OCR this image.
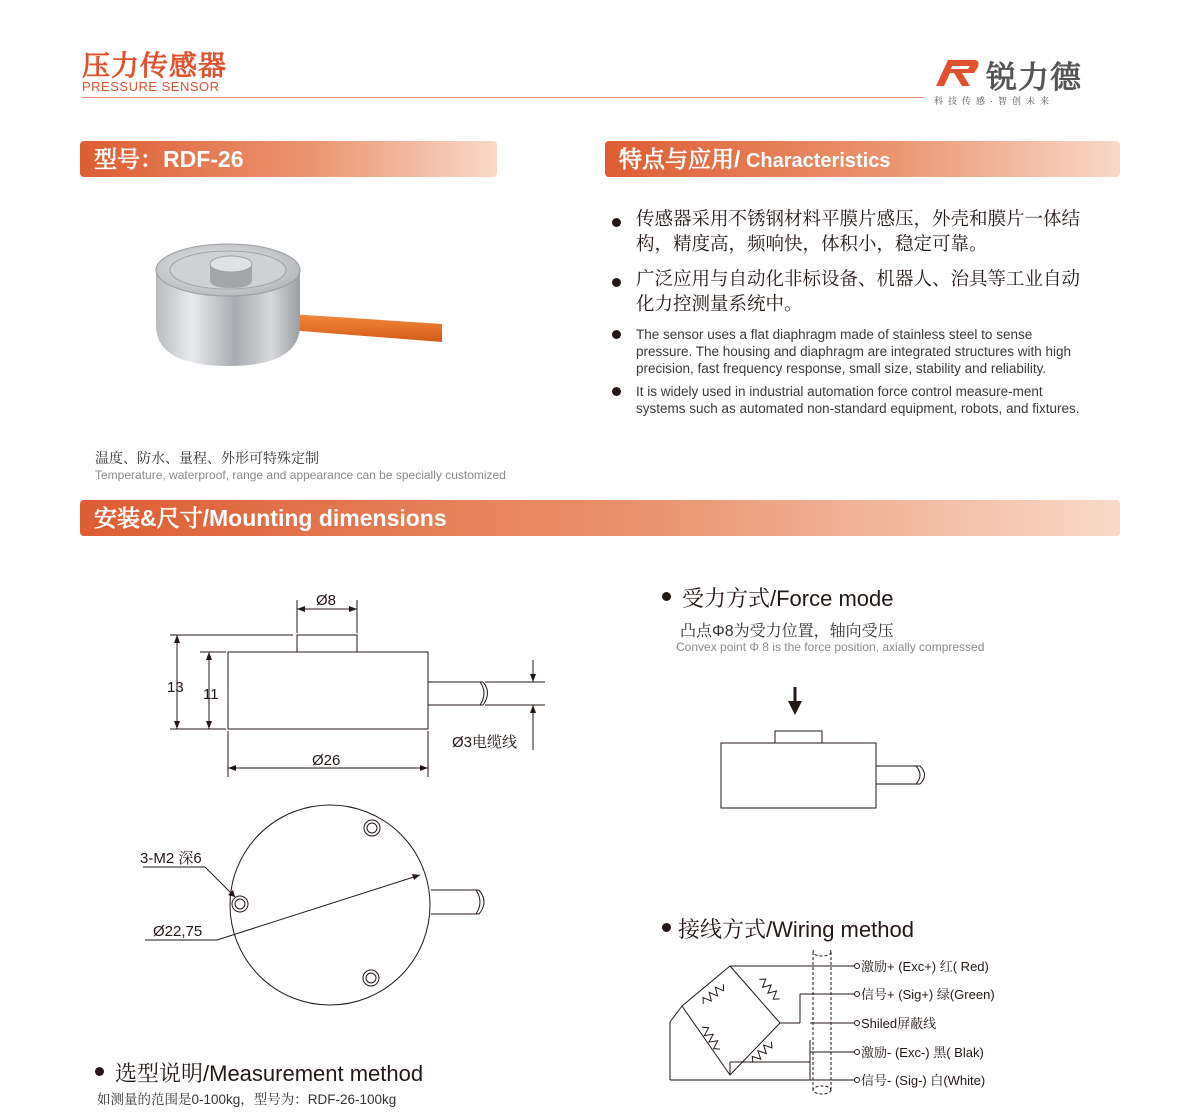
压力传感器
PRESSURE SENSOR	锐力德
科技传感·智创未来
型号：RDF-26	特点与应用/ Characteristics
温度、防水、量程、外形可特殊定制
Temperature, waterproof, range and appearance can be specially customized
传感器采用不锈钢材料平膜片感压，外壳和膜片一体结构，精度高，频响快，体积小，稳定可靠。
广泛应用与自动化非标设备、机器人、治具等工业自动化力控测量系统中。
The sensor uses a flat diaphragm made of stainless steel to sense pressure. The housing and diaphragm are integrated structures with high precision, fast frequency response, small size, stability and reliability.
It is widely used in industrial automation force control measure-ment systems such as automated non-standard equipment, robots, and fixtures.
安装&尺寸/Mounting dimensions
Ø8
13 11
Ø26
Ø3电缆线
3-M2 深6
Ø22,75
受力方式/Force mode
凸点Φ8为受力位置，轴向受压
Convex point Φ 8 is the force position, axially compressed
接线方式/Wiring method
激励+ (Exc+) 红( Red)
信号+ (Sig+) 绿(Green)
Shiled屏蔽线
激励- (Exc-) 黑( Blak)
信号- (Sig-) 白(White)
选型说明/Measurement method
如测量的范围是0-100kg，型号为：RDF-26-100kg
